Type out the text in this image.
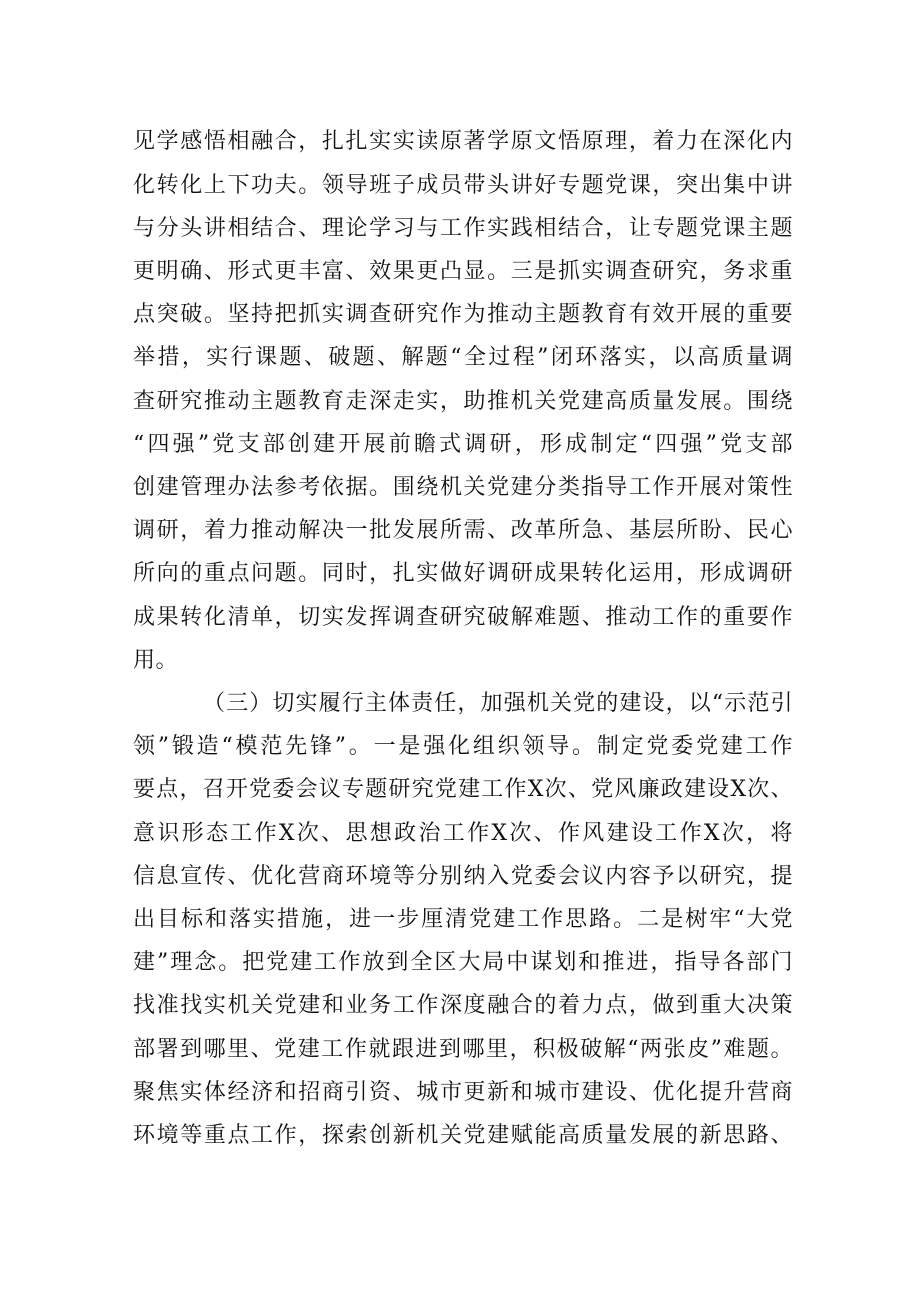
见学感悟相融合，扎扎实实读原著学原文悟原理，着力在深化内
化转化上下功夫。领导班子成员带头讲好专题党课，突出集中讲
与分头讲相结合、理论学习与工作实践相结合，让专题党课主题
更明确、形式更丰富、效果更凸显。三是抓实调查研究，务求重
点突破。坚持把抓实调查研究作为推动主题教育有效开展的重要
举措，实行课题、破题、解题“全过程”闭环落实，以高质量调
查研究推动主题教育走深走实，助推机关党建高质量发展。围绕
“四强”党支部创建开展前瞻式调研，形成制定“四强”党支部
创建管理办法参考依据。围绕机关党建分类指导工作开展对策性
调研，着力推动解决一批发展所需、改革所急、基层所盼、民心
所向的重点问题。同时，扎实做好调研成果转化运用，形成调研
成果转化清单，切实发挥调查研究破解难题、推动工作的重要作
用。
（三）切实履行主体责任，加强机关党的建设，以“示范引
领”锻造“模范先锋”。一是强化组织领导。制定党委党建工作
要点，召开党委会议专题研究党建工作X次、党风廉政建设X次、
意识形态工作X次、思想政治工作X次、作风建设工作X次，将
信息宣传、优化营商环境等分别纳入党委会议内容予以研究，提
出目标和落实措施，进一步厘清党建工作思路。二是树牢“大党
建”理念。把党建工作放到全区大局中谋划和推进，指导各部门
找准找实机关党建和业务工作深度融合的着力点，做到重大决策
部署到哪里、党建工作就跟进到哪里，积极破解“两张皮”难题。
聚焦实体经济和招商引资、城市更新和城市建设、优化提升营商
环境等重点工作，探索创新机关党建赋能高质量发展的新思路、
